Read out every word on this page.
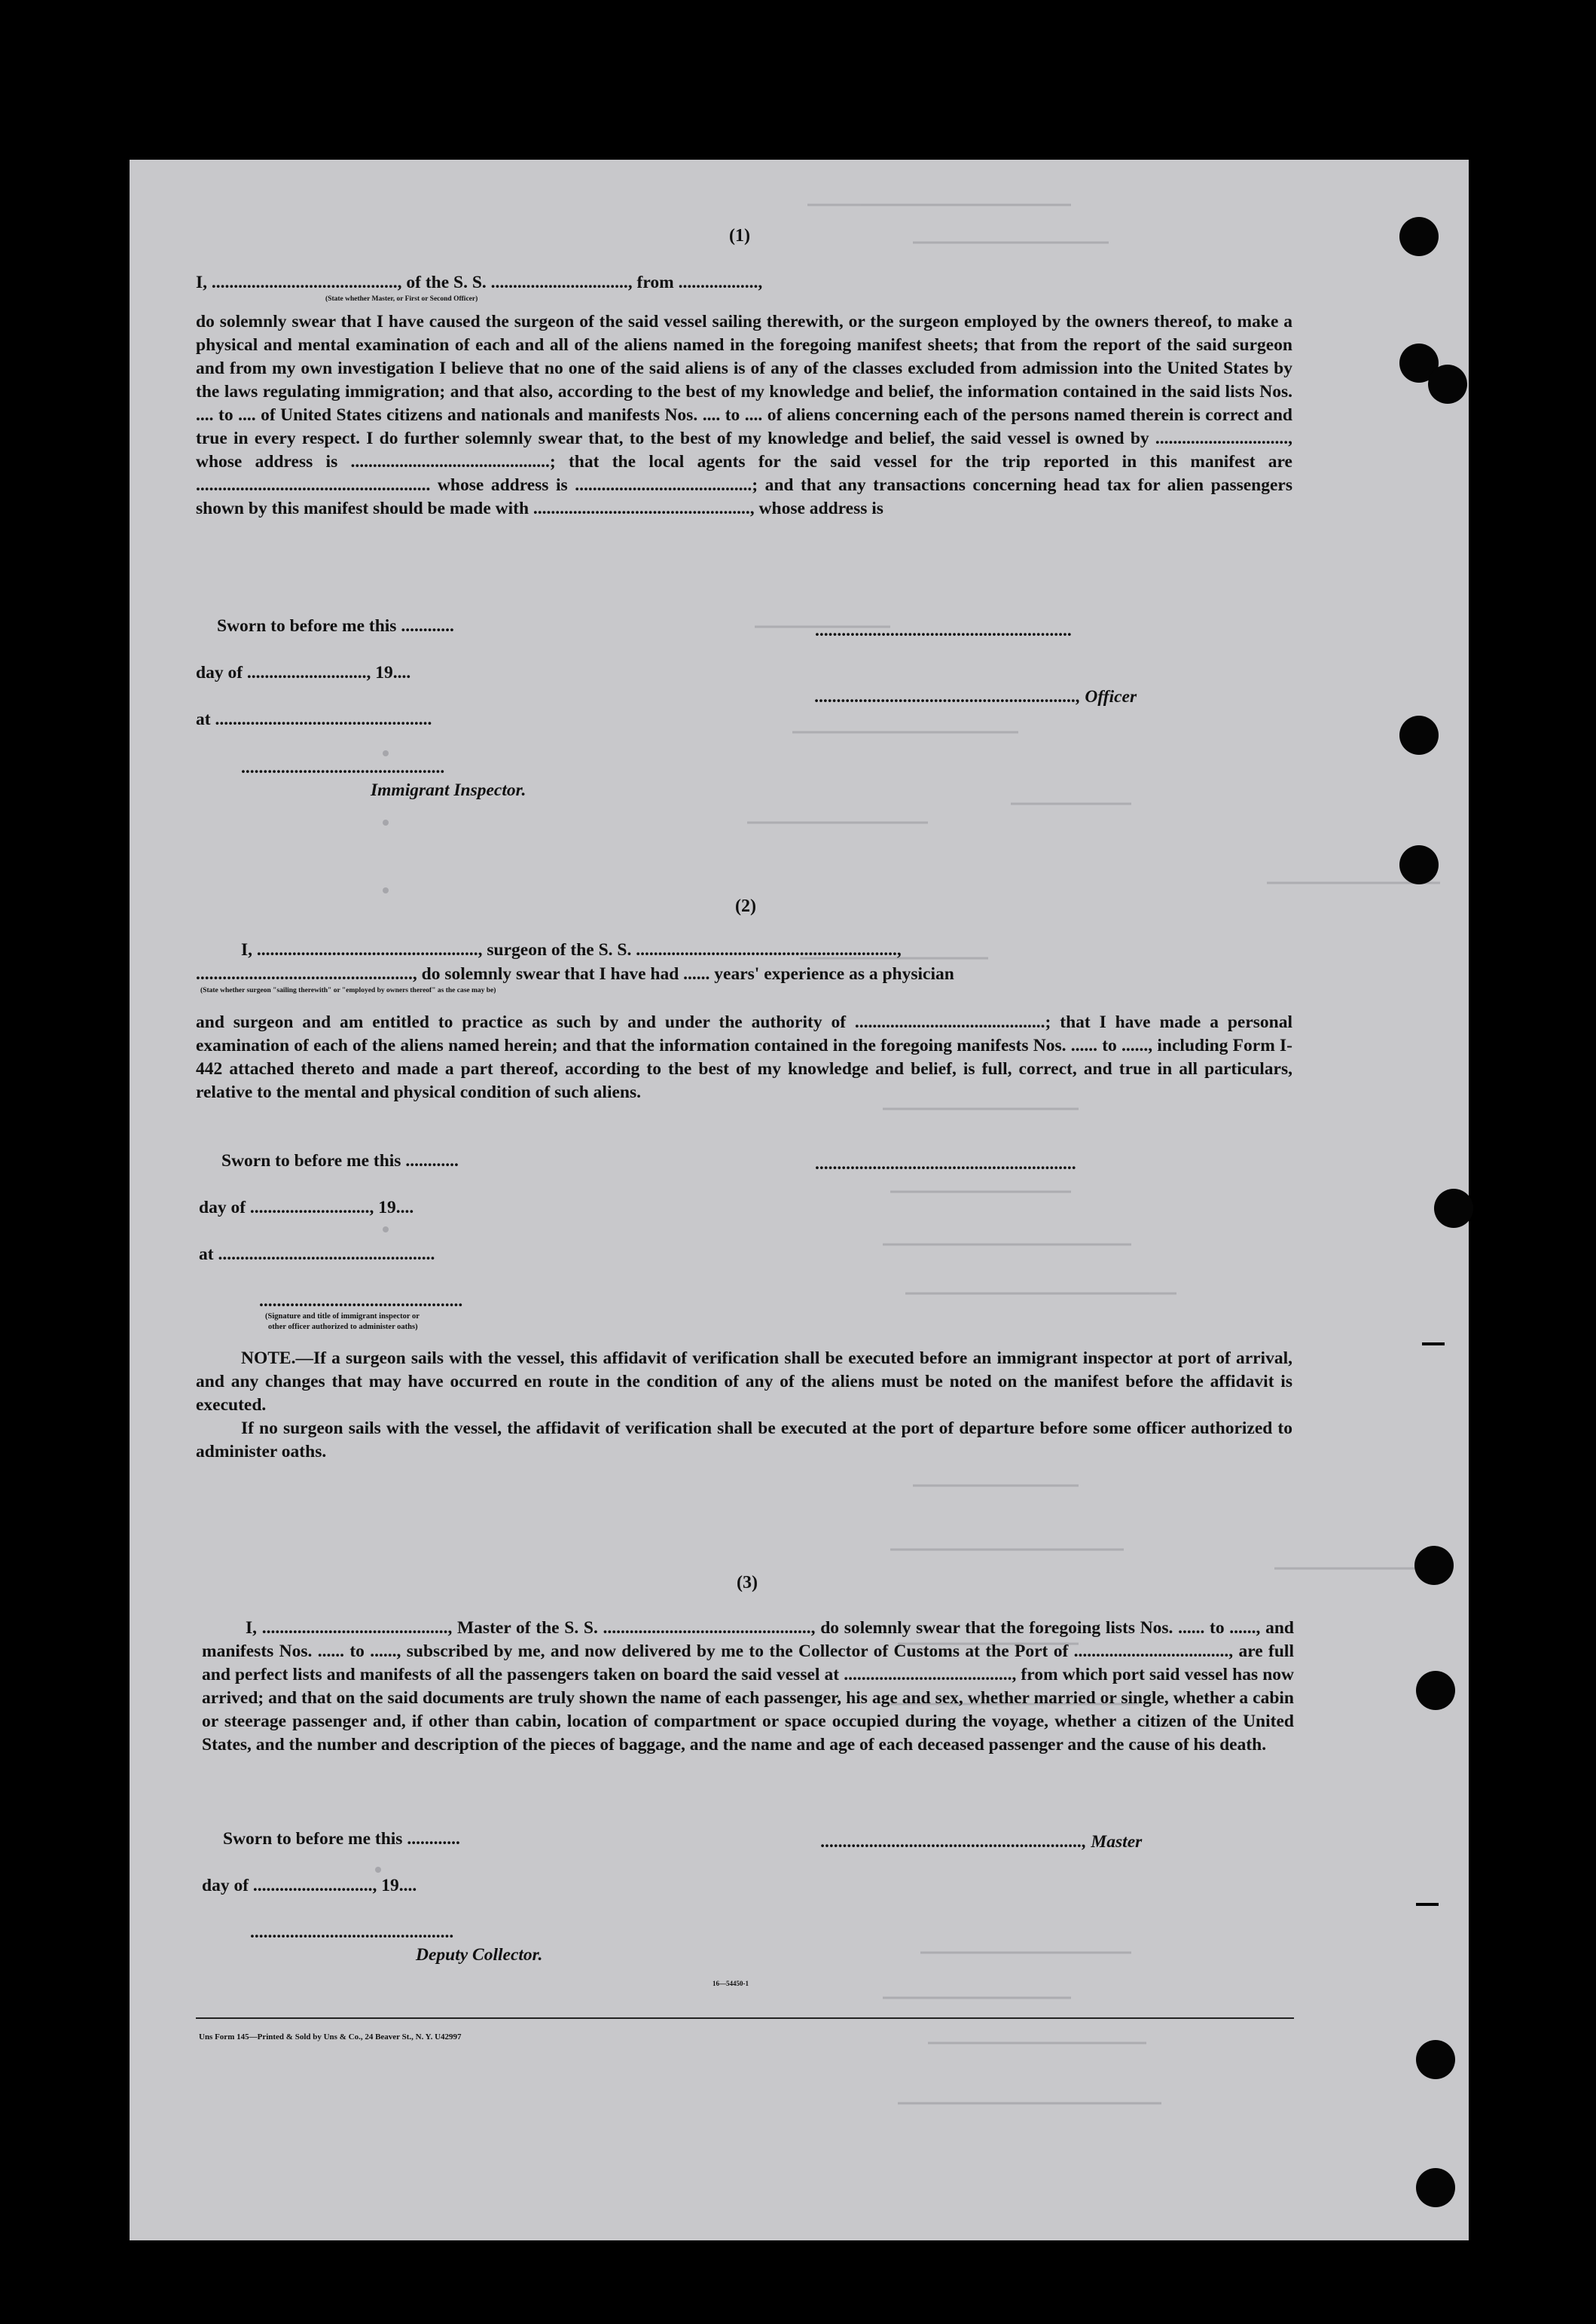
(1)
I, .........................................., of the S. S. ..............................., from ..................,
(State whether Master, or First or Second Officer)

do solemnly swear that I have caused the surgeon of the said vessel sailing therewith, or the surgeon employed by the owners thereof, to make a physical and mental examination of each and all of the aliens named in the foregoing manifest sheets; that from the report of the said surgeon and from my own investigation I believe that no one of the said aliens is of any of the classes excluded from admission into the United States by the laws regulating immigration; and that also, according to the best of my knowledge and belief, the information contained in the said lists Nos. .... to .... of United States citizens and nationals and manifests Nos. .... to .... of aliens concerning each of the persons named therein is correct and true in every respect. I do further solemnly swear that, to the best of my knowledge and belief, the said vessel is owned by .............................., whose address is .............................................; that the local agents for the said vessel for the trip reported in this manifest are ..................................................... whose address is ........................................; and that any transactions concerning head tax for alien passengers shown by this manifest should be made with ................................................., whose address is

Sworn to before me this ............
day of ..........................., 19....
at .................................................
..............................................
Immigrant Inspector.
..........................................................
..........................................................., Officer
(2)
I, .................................................., surgeon of the S. S. ...........................................................,
................................................., do solemnly swear that I have had ...... years' experience as a physician
(State whether surgeon "sailing therewith" or "employed by owners thereof" as the case may be)

and surgeon and am entitled to practice as such by and under the authority of ...........................................; that I have made a personal examination of each of the aliens named herein; and that the information contained in the foregoing manifests Nos. ...... to ......, including Form I-442 attached thereto and made a part thereof, according to the best of my knowledge and belief, is full, correct, and true in all particulars, relative to the mental and physical condition of such aliens.

Sworn to before me this ............
day of ..........................., 19....
at .................................................
..............................................
(Signature and title of immigrant inspector or
other officer authorized to administer oaths)
...........................................................

NOTE.—If a surgeon sails with the vessel, this affidavit of verification shall be executed before an immigrant inspector at port of arrival, and any changes that may have occurred en route in the condition of any of the aliens must be noted on the manifest before the affidavit is executed.

If no surgeon sails with the vessel, the affidavit of verification shall be executed at the port of departure before some officer authorized to administer oaths.

(3)

I, .........................................., Master of the S. S. ..............................................., do solemnly swear that the foregoing lists Nos. ...... to ......, and manifests Nos. ...... to ......, subscribed by me, and now delivered by me to the Collector of Customs at the Port of ..................................., are full and perfect lists and manifests of all the passengers taken on board the said vessel at ......................................, from which port said vessel has now arrived; and that on the said documents are truly shown the name of each passenger, his age and sex, whether married or single, whether a cabin or steerage passenger and, if other than cabin, location of compartment or space occupied during the voyage, whether a citizen of the United States, and the number and description of the pieces of baggage, and the name and age of each deceased passenger and the cause of his death.

Sworn to before me this ............
day of ..........................., 19....
..............................................
Deputy Collector.
..........................................................., Master
16—54450-1
Uns Form 145—Printed & Sold by Uns & Co., 24 Beaver St., N. Y. U42997
